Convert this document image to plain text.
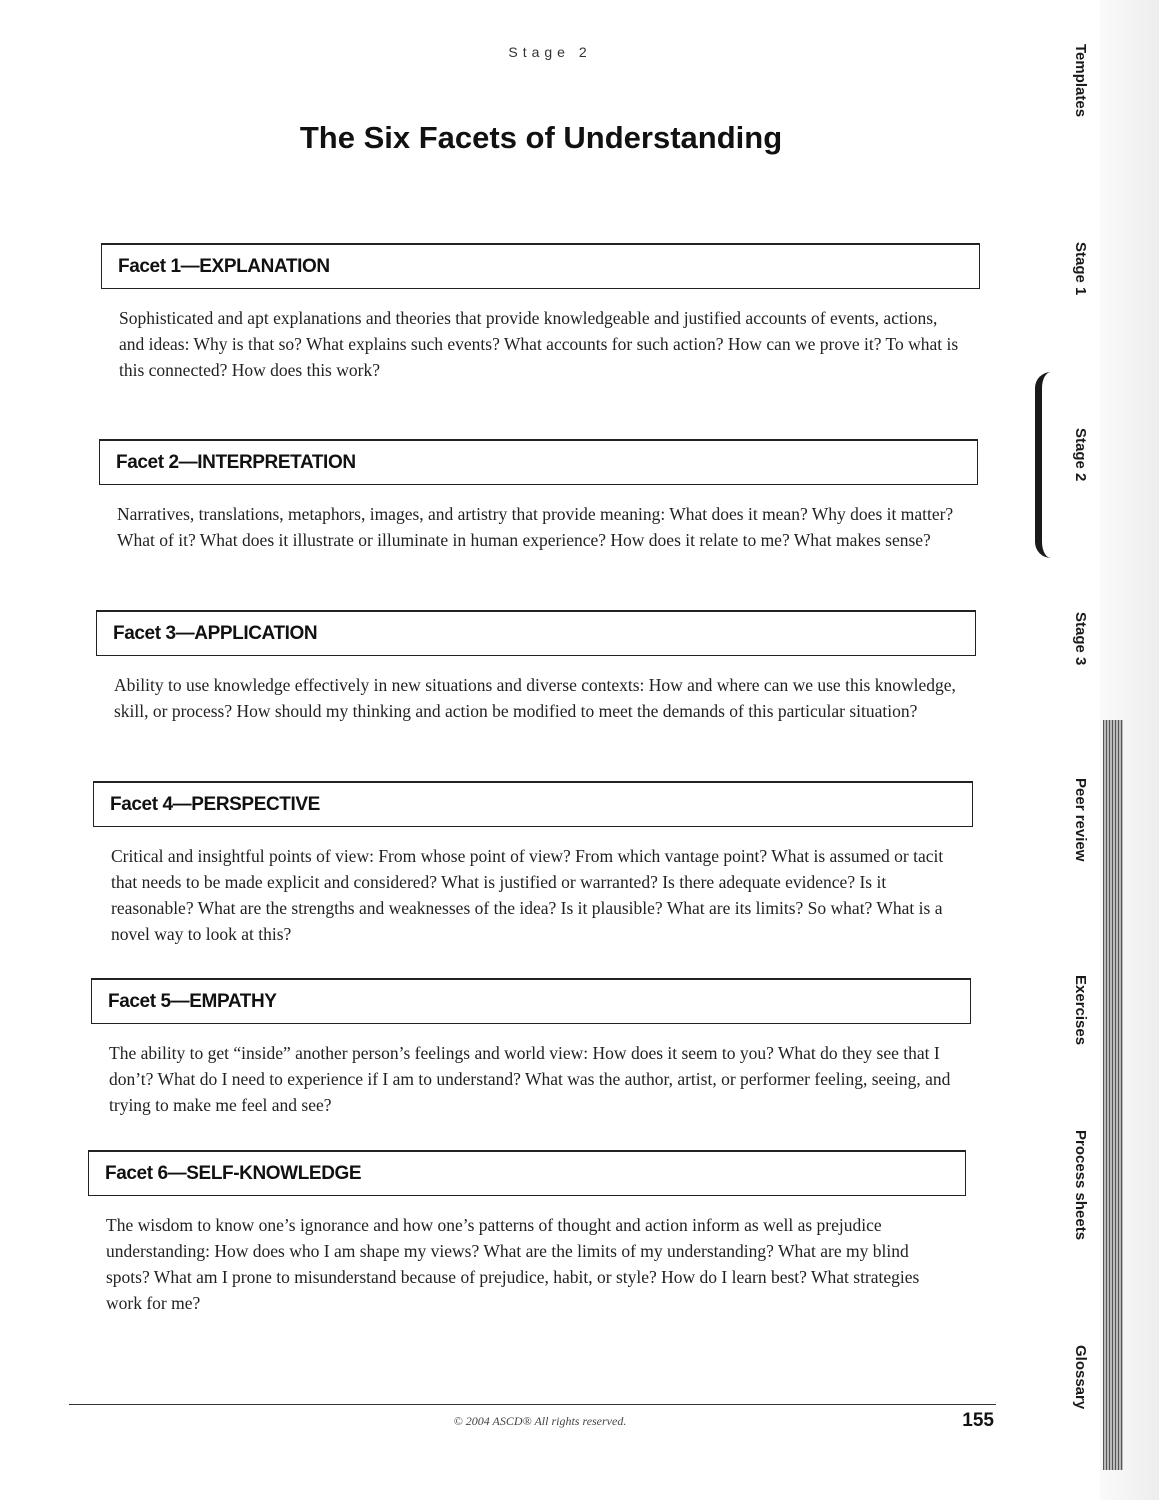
Stage 2
The Six Facets of Understanding
Facet 1—EXPLANATION

Sophisticated and apt explanations and theories that provide knowledgeable and justified accounts of events, actions, and ideas: Why is that so? What explains such events? What accounts for such action? How can we prove it? To what is this connected? How does this work?

Facet 2—INTERPRETATION

Narratives, translations, metaphors, images, and artistry that provide meaning: What does it mean? Why does it matter? What of it? What does it illustrate or illuminate in human experience? How does it relate to me? What makes sense?

Facet 3—APPLICATION

Ability to use knowledge effectively in new situations and diverse contexts: How and where can we use this knowledge, skill, or process? How should my thinking and action be modified to meet the demands of this particular situation?

Facet 4—PERSPECTIVE

Critical and insightful points of view: From whose point of view? From which vantage point? What is assumed or tacit that needs to be made explicit and considered? What is justified or warranted? Is there adequate evidence? Is it reasonable? What are the strengths and weaknesses of the idea? Is it plausible? What are its limits? So what? What is a novel way to look at this?

Facet 5—EMPATHY

The ability to get “inside” another person’s feelings and world view: How does it seem to you? What do they see that I don’t? What do I need to experience if I am to understand? What was the author, artist, or performer feeling, seeing, and trying to make me feel and see?

Facet 6—SELF-KNOWLEDGE

The wisdom to know one’s ignorance and how one’s patterns of thought and action inform as well as prejudice understanding: How does who I am shape my views? What are the limits of my understanding? What are my blind spots? What am I prone to misunderstand because of prejudice, habit, or style? How do I learn best? What strategies work for me?

© 2004 ASCD® All rights reserved.	155
Templates
Stage 1
Stage 2
Stage 3
Peer review
Exercises
Process sheets
Glossary
